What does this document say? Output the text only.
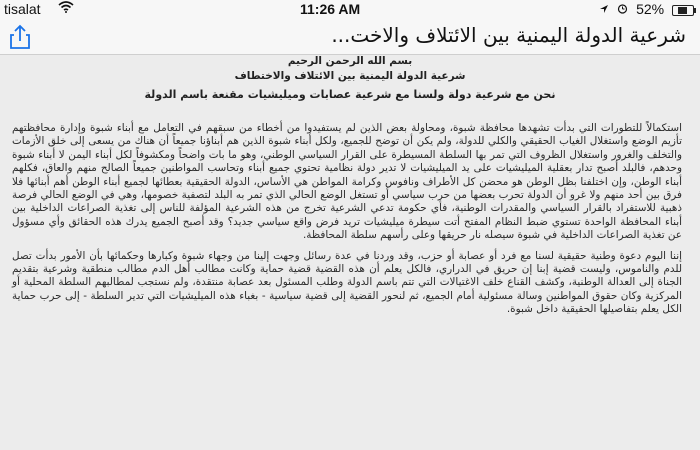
tisalat	11:26 AM	52%
شرعية الدولة اليمنية بين الائتلاف والاخت...
بسم الله الرحمن الرحيم
شرعية الدولة اليمنية بين الائتلاف والاختطاف
نحن مع شرعية دولة ولسنا مع شرعية عصابات وميليشيات مقنعة باسم الدولة

استكمالاً للتطورات التي بدأت تشهدها محافظة شبوة، ومحاولة بعض الذين لم يستفيدوا من أخطاء من سبقهم في التعامل مع أبناء شبوة وإدارة محافظتهم تأزيم الوضع واستغلال الغياب الحقيقي والكلي للدولة، ولم يكن أن توضح للجميع، ولكل أبناء شبوة الذين هم أبناؤنا جميعاً أن هناك من يسعى إلى خلق الأزمات والتخلف والغرور واستغلال الظروف التي تمر بها السلطة المسيطرة على القرار السياسي الوطني، وهو ما بات واضحاً ومكشوفاً لكل أبناء اليمن لا أبناء شبوة وحدهم، فالبلد أصبح تدار بعقلية الميليشيات على يد الميليشيات لا تدير دولة نظامية تحتوي جميع أبناء وتحاسب المواطنين جميعاً الصالح منهم والعاق، فكلهم أبناء الوطن، وإن اختلفنا بظل الوطن هو محضن كل الأطراف ونافوس وكرامة المواطن هي الأساس، الدولة الحقيقية بعطائها لجميع أبناء الوطن أهم أبنائها فلا فرق بين أحد منهم ولا غرو أن الدولة تحرب بعضها من حرب سياسي أو تستغل الوضع الحالي الذي تمر به البلد لتصفية خصومها، وهي في الوضع الحالي فرصة ذهبية للاستفراد بالقرار السياسي والمقدرات الوطنية، فأي حكومة تدعي الشرعية تخرج من هذه الشرعية المؤلفة للناس إلى تغذية الصراعات الداخلية بين أبناء المحافظة الواحدة تستوي ضبط النظام المفتح أتت سيطرة ميليشيات تريد فرض واقع سياسي جديد؟ وقد أصبح الجميع يدرك هذه الحقائق وأي مسؤول عن تغذية الصراعات الداخلية في شبوة سيصله نار حريقها وعلى رأسهم سلطة المحافظة.

إننا اليوم دعوة وطنية حقيقية لسنا مع فرد أو عصابة أو حزب، وقد وردنا في عدة رسائل وجهت إلينا من وجهاء شبوة وكبارها وحكمائها بأن الأمور بدأت تصل للدم والناموس، وليست قضية إبنا إن حريق في الدراري، فالكل يعلم أن هذه القضية قضية حماية وكانت مطالب أهل الدم مطالب منطقية وشرعية بتقديم الجناة إلى العدالة الوطنية، وكشف القناع خلف الاغتيالات التي تتم باسم الدولة وطلب المسئول بعد عصابة منتقدة، ولم نستجب لمطالبهم السلطة المحلية أو المركزية وكان حقوق المواطنين وسالة مسئولية أمام الجميع، ثم لنحور القضية إلى قضية سياسية - بغباء هذه الميليشيات التي تدير السلطة - إلى حرب حماية الكل يعلم بتفاصيلها الحقيقية داخل شبوة.
